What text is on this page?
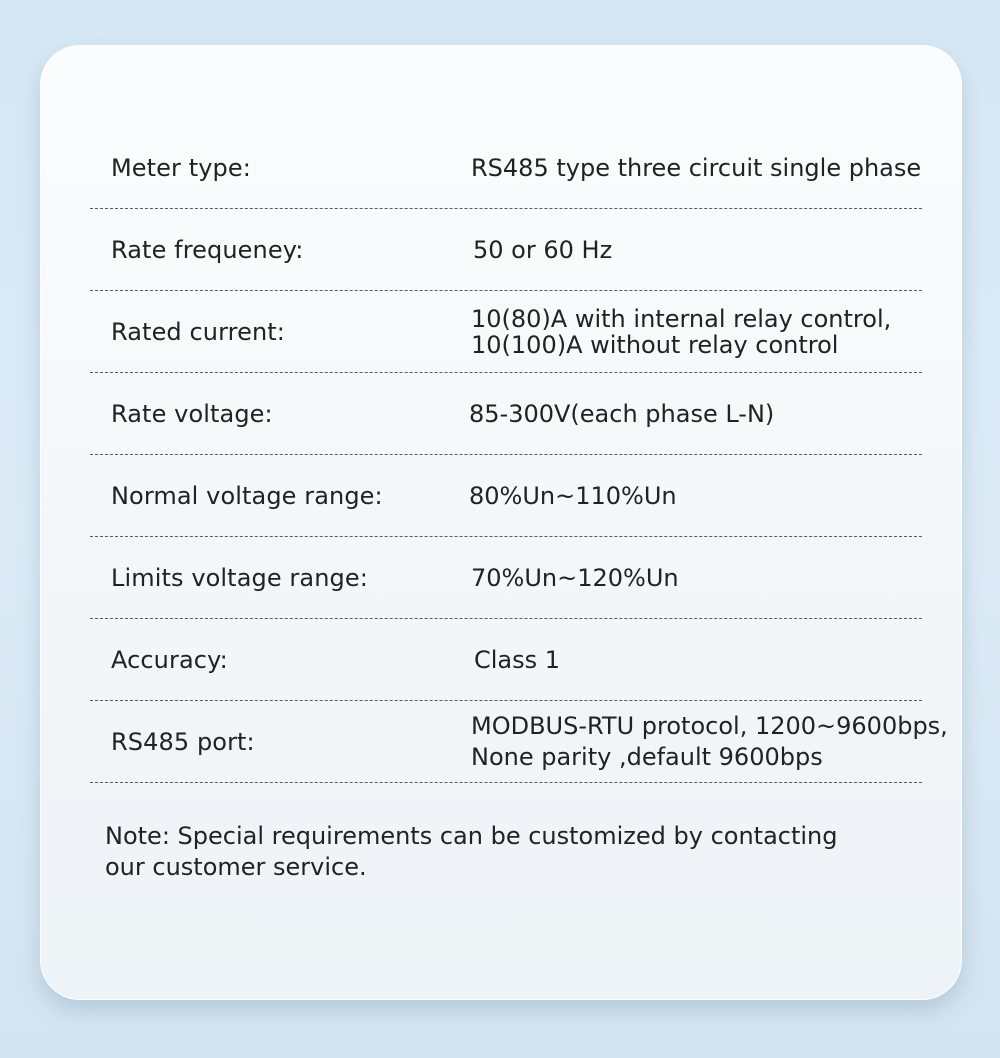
Meter type:	RS485 type three circuit single phase
Rate frequeney:	50 or 60 Hz
Rated current:	10(80)A with internal relay control,
10(100)A without relay control
Rate voltage:	85-300V(each phase L-N)
Normal voltage range:	80%Un~110%Un
Limits voltage range:	70%Un~120%Un
Accuracy:	Class 1
RS485 port:
MODBUS-RTU protocol, 1200~9600bps,
None parity ,default 9600bps
Note: Special requirements can be customized by contacting
our customer service.
